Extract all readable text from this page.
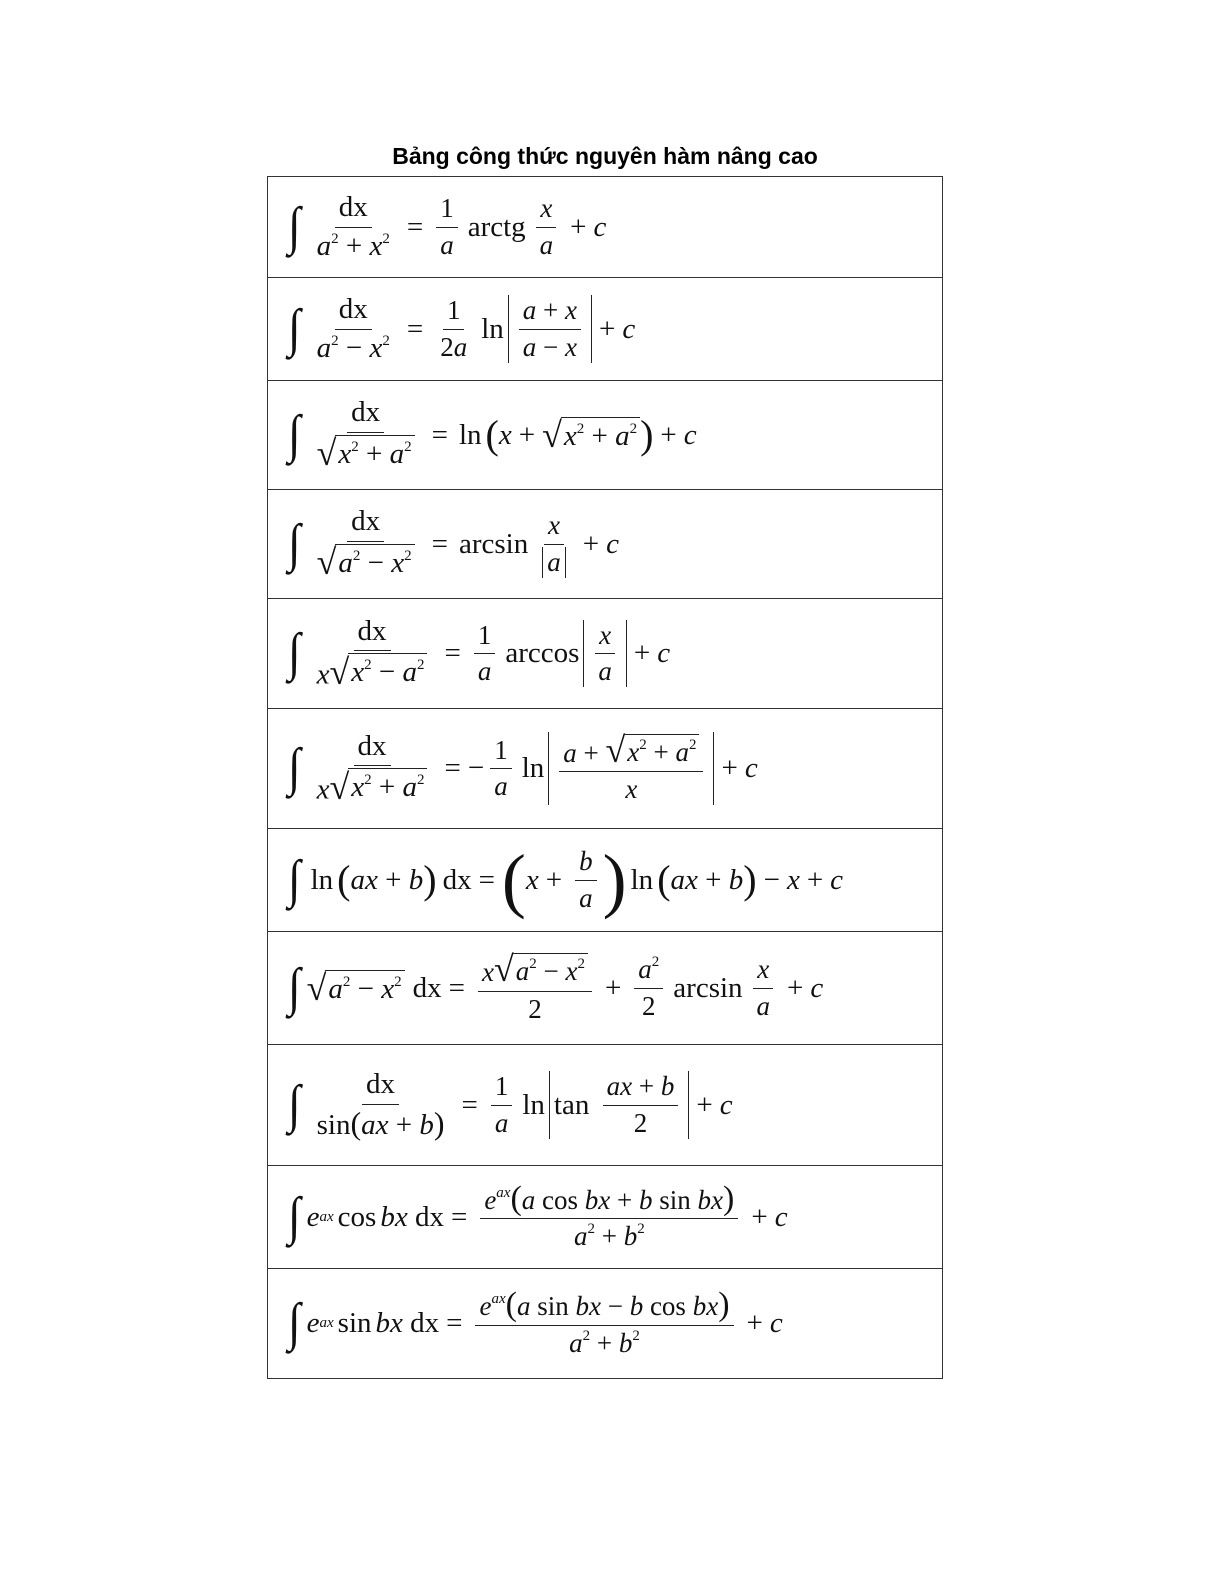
Bảng công thức nguyên hàm nâng cao
∫ $\frac{dx}{a^2 + x^2} = \frac{1}{a}$ arctg $\frac{x}{a} + c$
∫ $\frac{dx}{a^2 - x^2} = \frac{1}{2a}$ $\ln \frac{a + x}{a - x} + c$
∫ $\frac{dx}{√ x^2 + a^2} = \ln$ ( x + √ $x^2 + a^2$ ) + c
∫ $\frac{dx}{√ a^2 - x^2} = \arcsin \frac{x}{a} + c$
∫ $\frac{dx}{x √ x^2 - a^2} = \frac{1}{a}$ $\arccos \frac{x}{a} + c$
∫ $\frac{dx}{x √ x^2 + a^2}$ = − $\frac{1}{a}$ $\ln \frac{a + √ x^2 + a^2}{x} + c$
∫ ln ( ax + b ) dx = ( $x + \frac{b}{a}$ ) ln ( ax + b ) − x + c
∫ √ $a^2 - x^2$ dx = $\frac{x √ a^2 - x^2}{2} + \frac{a^2}{2}$ $\arcsin \frac{x}{a} + c$
∫ $\frac{dx}{\sin(ax + b)} = \frac{1}{a}$ $\ln \tan \frac{ax + b}{2} + c$
∫ e ax cos bx dx = $\frac{e^{ax}(a \cos bx + b \sin bx)}{a^2 + b^2} + c$
∫ e ax sin bx dx = $\frac{e^{ax}(a \sin bx - b \cos bx)}{a^2 + b^2} + c$
